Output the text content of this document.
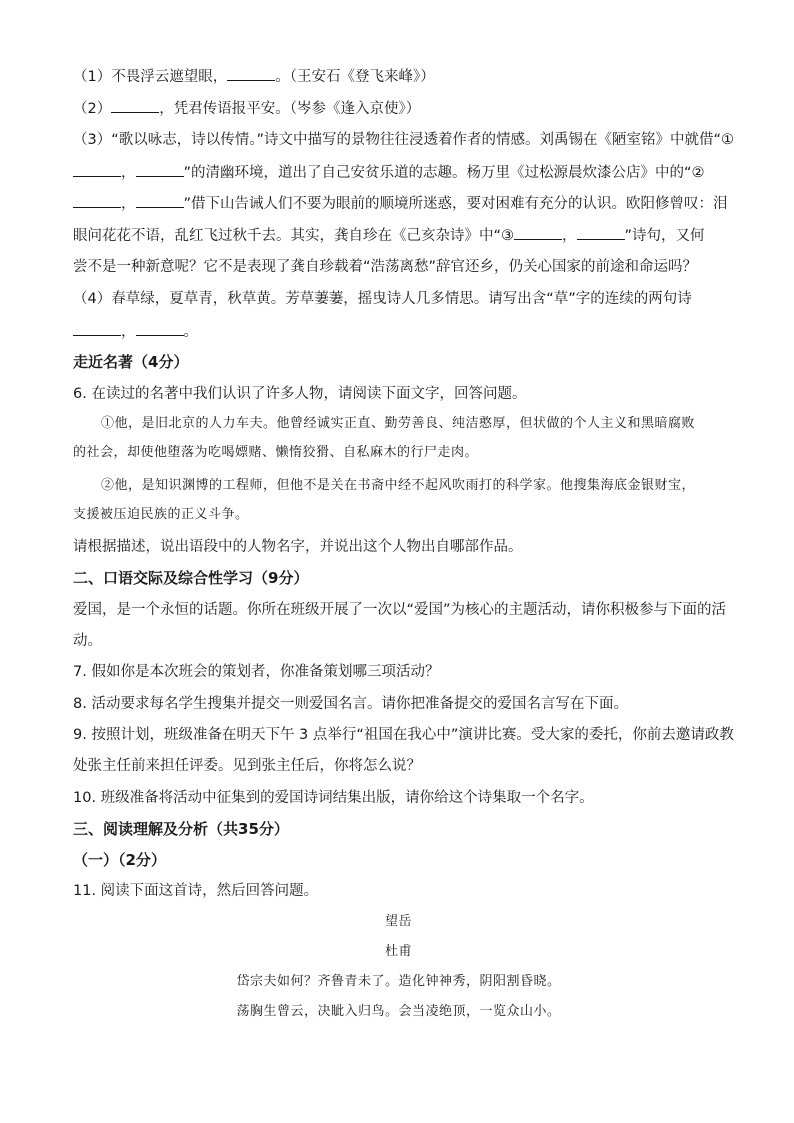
（1）不畏浮云遮望眼，	。（王安石《登飞来峰》）
（2）	，凭君传语报平安。（岑参《逢入京使》）
（3）“歌以咏志，诗以传情。”诗文中描写的景物往往浸透着作者的情感。刘禹锡在《陋室铭》中就借“①
，	”的清幽环境，道出了自己安贫乐道的志趣。杨万里《过松源晨炊漆公店》中的“②
，	”借下山告诫人们不要为眼前的顺境所迷惑，要对困难有充分的认识。欧阳修曾叹：泪
眼问花花不语，乱红飞过秋千去。其实，龚自珍在《己亥杂诗》中“③	，	”诗句，又何
尝不是一种新意呢？它不是表现了龚自珍载着“浩荡离愁”辞官还乡，仍关心国家的前途和命运吗？
（4）春草绿，夏草青，秋草黄。芳草萋萋，摇曳诗人几多情思。请写出含“草”字的连续的两句诗
，	。
走近名著（4分）
6. 在读过的名著中我们认识了许多人物，请阅读下面文字，回答问题。
①他，是旧北京的人力车夫。他曾经诚实正直、勤劳善良、纯洁憨厚，但状做的个人主义和黑暗腐败
的社会，却使他堕落为吃喝嫖赌、懒惰狡猾、自私麻木的行尸走肉。
②他，是知识渊博的工程师，但他不是关在书斋中经不起风吹雨打的科学家。他搜集海底金银财宝，
支援被压迫民族的正义斗争。
请根据描述，说出语段中的人物名字，并说出这个人物出自哪部作品。
二、口语交际及综合性学习（9分）
爱国，是一个永恒的话题。你所在班级开展了一次以“爱国”为核心的主题活动，请你积极参与下面的活
动。
7. 假如你是本次班会的策划者，你准备策划哪三项活动？
8. 活动要求每名学生搜集并提交一则爱国名言。请你把准备提交的爱国名言写在下面。
9. 按照计划，班级准备在明天下午 3 点举行“祖国在我心中”演讲比赛。受大家的委托，你前去邀请政教
处张主任前来担任评委。见到张主任后，你将怎么说？
10. 班级准备将活动中征集到的爱国诗词结集出版，请你给这个诗集取一个名字。
三、阅读理解及分析（共35分）
（一）（2分）
11. 阅读下面这首诗，然后回答问题。
望岳
杜甫
岱宗夫如何？齐鲁青未了。造化钟神秀，阴阳割昏晓。
荡胸生曾云，决眦入归鸟。会当凌绝顶，一览众山小。
